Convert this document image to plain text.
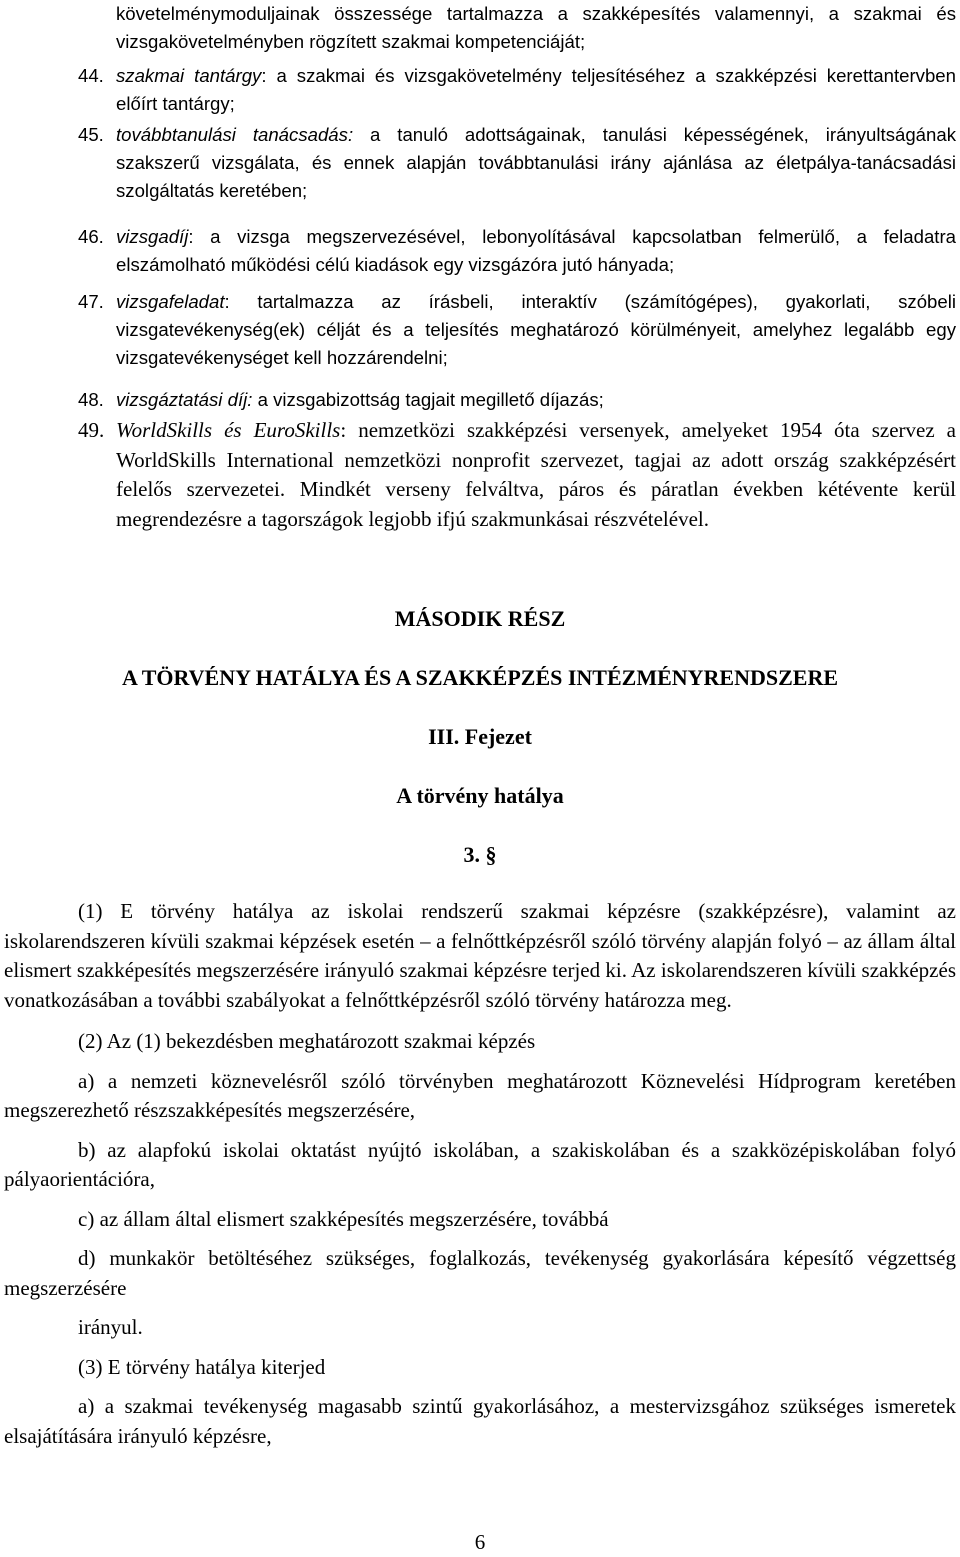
követelménymoduljainak összessége tartalmazza a szakképesítés valamennyi, a szakmai és vizsgakövetelményben rögzített szakmai kompetenciáját;
44. szakmai tantárgy: a szakmai és vizsgakövetelmény teljesítéséhez a szakképzési kerettantervben előírt tantárgy;
45. továbbtanulási tanácsadás: a tanuló adottságainak, tanulási képességének, irányultságának szakszerű vizsgálata, és ennek alapján továbbtanulási irány ajánlása az életpálya-tanácsadási szolgáltatás keretében;
46. vizsgadíj: a vizsga megszervezésével, lebonyolításával kapcsolatban felmerülő, a feladatra elszámolható működési célú kiadások egy vizsgázóra jutó hányada;
47. vizsgafeladat: tartalmazza az írásbeli, interaktív (számítógépes), gyakorlati, szóbeli vizsgatevékenység(ek) célját és a teljesítés meghatározó körülményeit, amelyhez legalább egy vizsgatevékenységet kell hozzárendelni;
48. vizsgáztatási díj: a vizsgabizottság tagjait megillető díjazás;
49. WorldSkills és EuroSkills: nemzetközi szakképzési versenyek, amelyeket 1954 óta szervez a WorldSkills International nemzetközi nonprofit szervezet, tagjai az adott ország szakképzésért felelős szervezetei. Mindkét verseny felváltva, páros és páratlan években kétévente kerül megrendezésre a tagországok legjobb ifjú szakmunkásai részvételével.
MÁSODIK RÉSZ
A TÖRVÉNY HATÁLYA ÉS A SZAKKÉPZÉS INTÉZMÉNYRENDSZERE
III. Fejezet
A törvény hatálya
3. §
(1) E törvény hatálya az iskolai rendszerű szakmai képzésre (szakképzésre), valamint az iskolarendszeren kívüli szakmai képzések esetén – a felnőttképzésről szóló törvény alapján folyó – az állam által elismert szakképesítés megszerzésére irányuló szakmai képzésre terjed ki. Az iskolarendszeren kívüli szakképzés vonatkozásában a további szabályokat a felnőttképzésről szóló törvény határozza meg.
(2) Az (1) bekezdésben meghatározott szakmai képzés
a) a nemzeti köznevelésről szóló törvényben meghatározott Köznevelési Hídprogram keretében megszerezhető részszakképesítés megszerzésére,
b) az alapfokú iskolai oktatást nyújtó iskolában, a szakiskolában és a szakközépiskolában folyó pályaorientációra,
c) az állam által elismert szakképesítés megszerzésére, továbbá
d) munkakör betöltéséhez szükséges, foglalkozás, tevékenység gyakorlására képesítő végzettség megszerzésére
irányul.
(3) E törvény hatálya kiterjed
a) a szakmai tevékenység magasabb szintű gyakorlásához, a mestervizsgához szükséges ismeretek elsajátítására irányuló képzésre,
6
